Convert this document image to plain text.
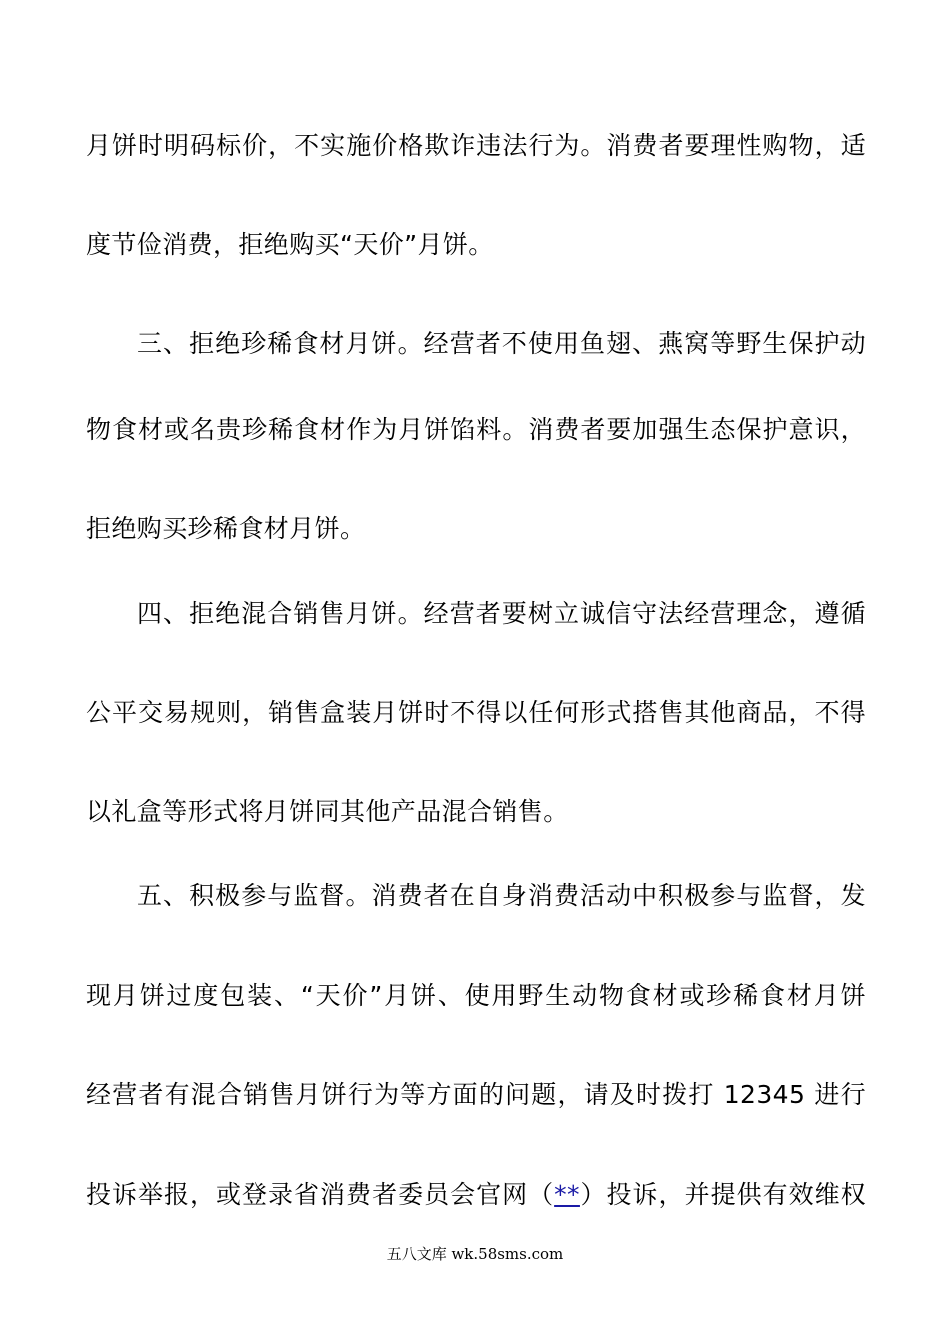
月饼时明码标价，不实施价格欺诈违法行为。消费者要理性购物，适
度节俭消费，拒绝购买“天价”月饼。
三、拒绝珍稀食材月饼。经营者不使用鱼翅、燕窝等野生保护动
物食材或名贵珍稀食材作为月饼馅料。消费者要加强生态保护意识，
拒绝购买珍稀食材月饼。
四、拒绝混合销售月饼。经营者要树立诚信守法经营理念，遵循
公平交易规则，销售盒装月饼时不得以任何形式搭售其他商品，不得
以礼盒等形式将月饼同其他产品混合销售。
五、积极参与监督。消费者在自身消费活动中积极参与监督，发
现月饼过度包装、“天价”月饼、使用野生动物食材或珍稀食材月饼
经营者有混合销售月饼行为等方面的问题，请及时拨打 12345 进行
投诉举报，或登录省消费者委员会官网（**）投诉，并提供有效维权
五八文库 wk.58sms.com
